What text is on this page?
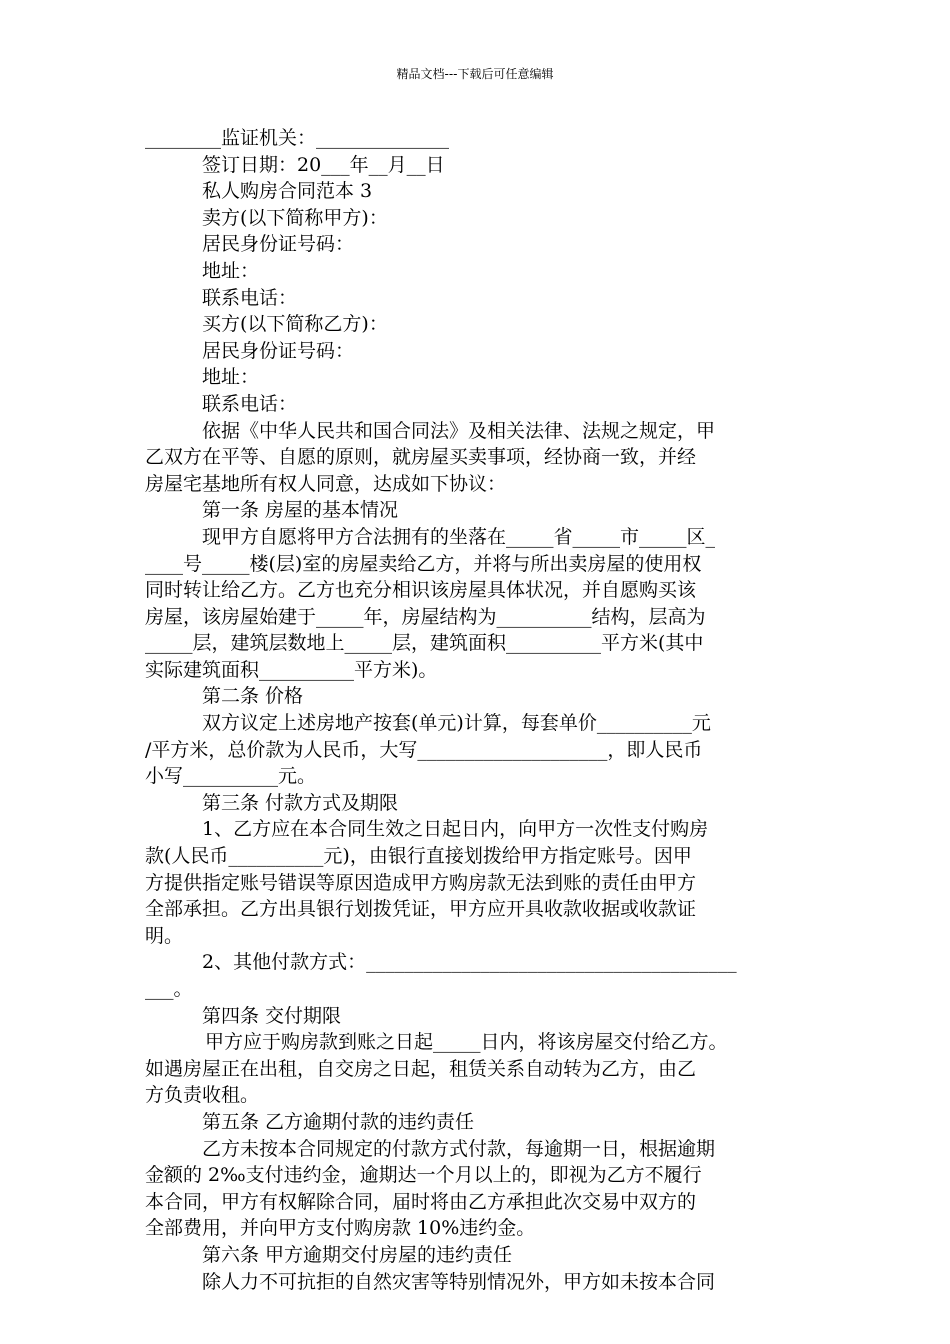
精品文档---下载后可任意编辑
________监证机关：______________
签订日期：20___年__月__日
私人购房合同范本 3
卖方(以下简称甲方)：
居民身份证号码：
地址：
联系电话：
买方(以下简称乙方)：
居民身份证号码：
地址：
联系电话：
依据《中华人民共和国合同法》及相关法律、法规之规定，甲
乙双方在平等、自愿的原则，就房屋买卖事项，经协商一致，并经
房屋宅基地所有权人同意，达成如下协议：
第一条 房屋的基本情况
现甲方自愿将甲方合法拥有的坐落在_____省_____市_____区_
____号_____楼(层)室的房屋卖给乙方，并将与所出卖房屋的使用权
同时转让给乙方。乙方也充分相识该房屋具体状况，并自愿购买该
房屋，该房屋始建于_____年，房屋结构为__________结构，层高为
_____层，建筑层数地上_____层，建筑面积__________平方米(其中
实际建筑面积__________平方米)。
第二条 价格
双方议定上述房地产按套(单元)计算，每套单价__________元
/平方米，总价款为人民币，大写____________________，即人民币
小写__________元。
第三条 付款方式及期限
1、乙方应在本合同生效之日起日内，向甲方一次性支付购房
款(人民币__________元)，由银行直接划拨给甲方指定账号。因甲
方提供指定账号错误等原因造成甲方购房款无法到账的责任由甲方
全部承担。乙方出具银行划拨凭证，甲方应开具收款收据或收款证
明。
2、其他付款方式：_______________________________________
___。
第四条 交付期限
甲方应于购房款到账之日起_____日内，将该房屋交付给乙方。
如遇房屋正在出租，自交房之日起，租赁关系自动转为乙方，由乙
方负责收租。
第五条 乙方逾期付款的违约责任
乙方未按本合同规定的付款方式付款，每逾期一日，根据逾期
金额的 2‰支付违约金，逾期达一个月以上的，即视为乙方不履行
本合同，甲方有权解除合同，届时将由乙方承担此次交易中双方的
全部费用，并向甲方支付购房款 10%违约金。
第六条 甲方逾期交付房屋的违约责任
除人力不可抗拒的自然灾害等特别情况外，甲方如未按本合同
